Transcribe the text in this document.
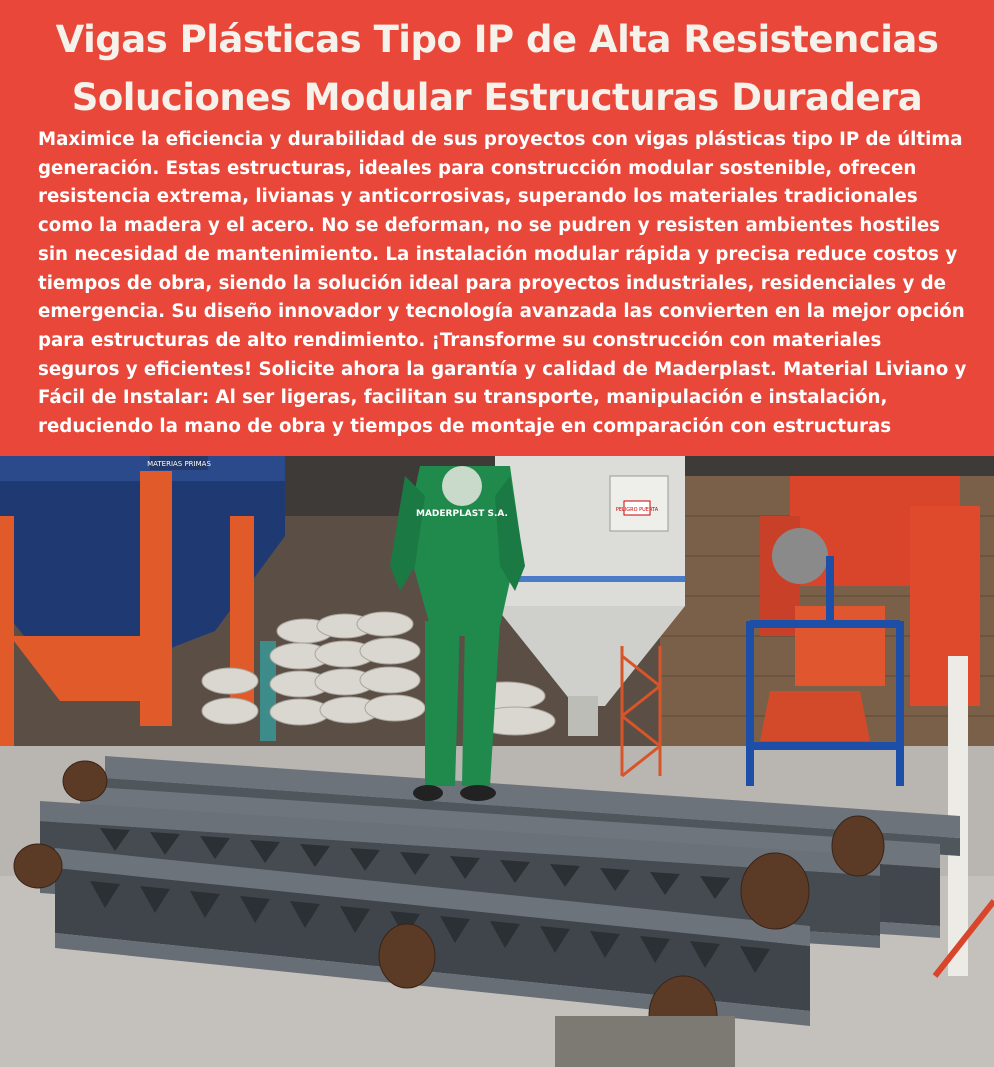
Vigas Plásticas Tipo IP de Alta Resistencias
Soluciones Modular Estructuras Duradera
Maximice la eficiencia y durabilidad de sus proyectos con vigas plásticas tipo IP de última generación. Estas estructuras, ideales para construcción modular sostenible, ofrecen resistencia extrema, livianas y anticorrosivas, superando los materiales tradicionales como la madera y el acero. No se deforman, no se pudren y resisten ambientes hostiles sin necesidad de mantenimiento. La instalación modular rápida y precisa reduce costos y tiempos de obra, siendo la solución ideal para proyectos industriales, residenciales y de emergencia. Su diseño innovador y tecnología avanzada las convierten en la mejor opción para estructuras de alto rendimiento. ¡Transforme su construcción con materiales seguros y eficientes! Solicite ahora la garantía y calidad de Maderplast. Material Liviano y Fácil de Instalar: Al ser ligeras, facilitan su transporte, manipulación e instalación, reduciendo la mano de obra y tiempos de montaje en comparación con estructuras
MATERIAS PRIMAS
PELIGRO PUERTA
MADERPLAST S.A.
